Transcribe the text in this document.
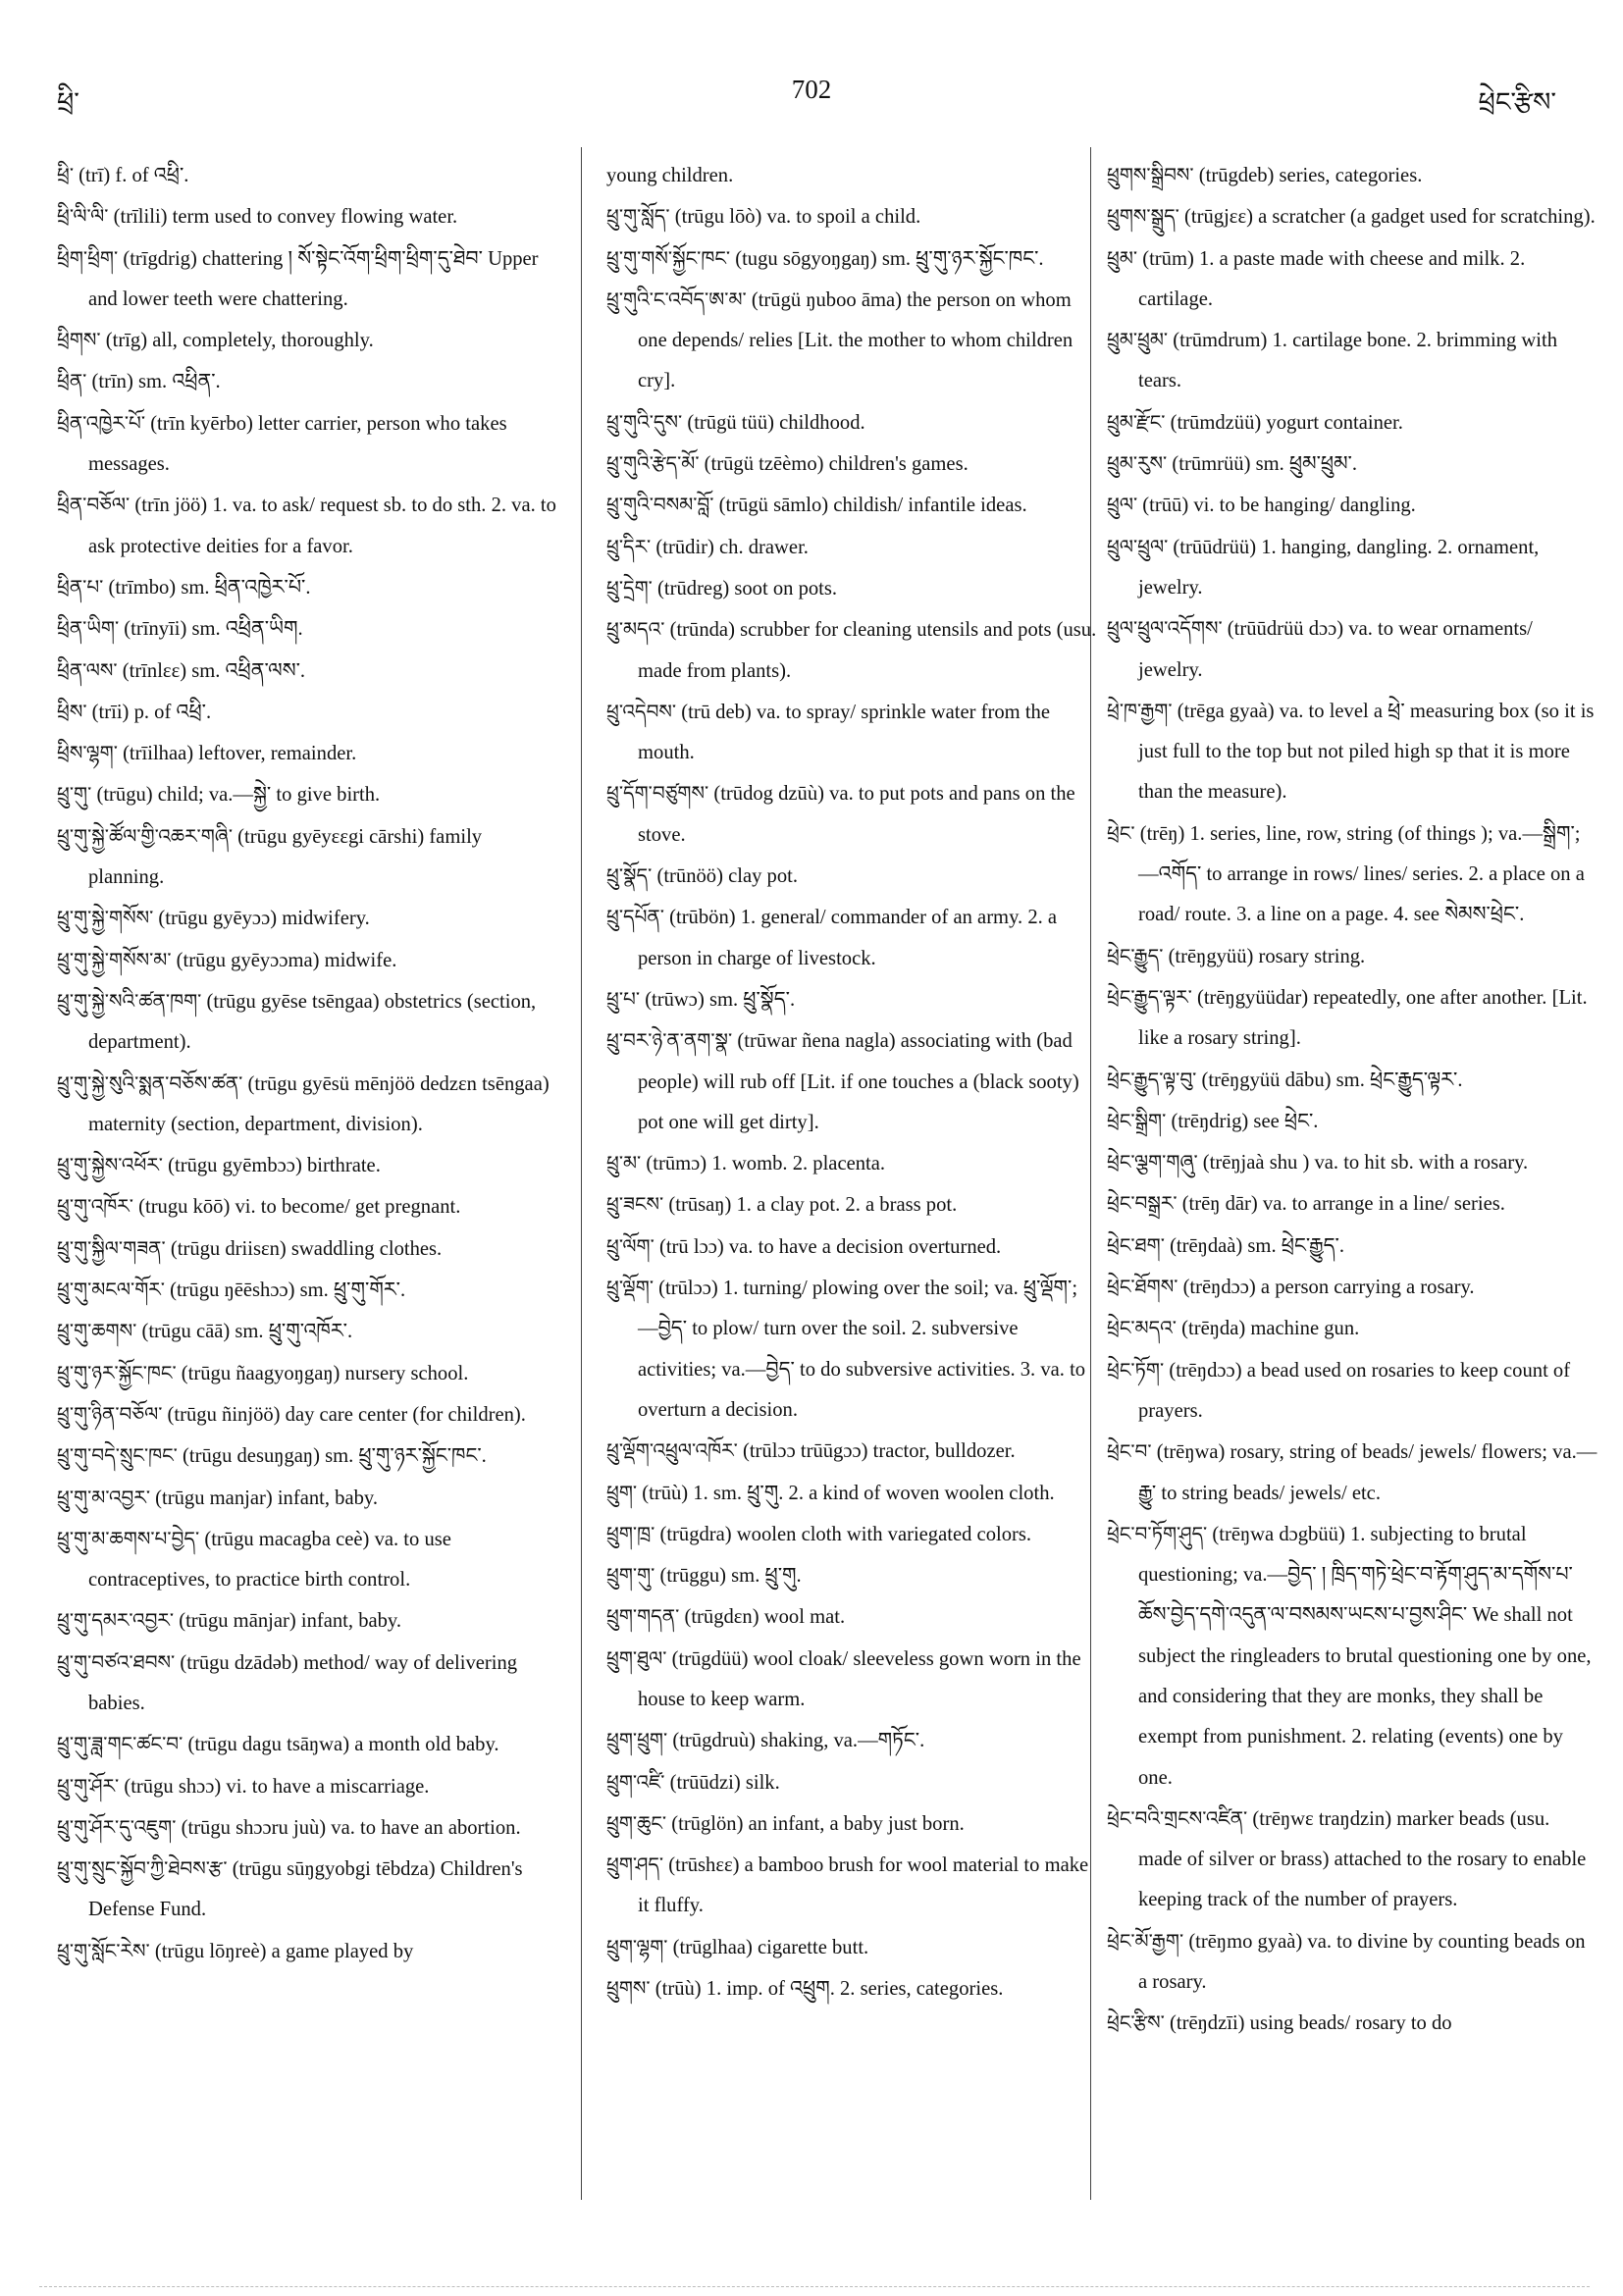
ཕྲི་	702	ཕྲེང་རྩིས་

ཕྲི་ (trī) f. of འཕྲི་.

ཕྲི་ལི་ལི་ (trīlili) term used to convey flowing water.

ཕྲིག་ཕྲིག་ (trīgdrig) chattering ། སོ་སྟེང་འོག་ཕྲིག་ཕྲིག་དུ་ཐེབ་ Upper and lower teeth were chattering.

ཕྲིགས་ (trīg) all, completely, thoroughly.

ཕྲིན་ (trīn) sm. འཕྲིན་.

ཕྲིན་འཁྱེར་པོ་ (trīn kyērbo) letter carrier, person who takes messages.

ཕྲིན་བཅོལ་ (trīn jöö) 1. va. to ask/ request sb. to do sth. 2. va. to ask protective deities for a favor.

ཕྲིན་པ་ (trīmbo) sm. ཕྲིན་འཁྱེར་པོ་.

ཕྲིན་ཡིག་ (trīnyīi) sm. འཕྲིན་ཡིག.

ཕྲིན་ལས་ (trīnlɛɛ) sm. འཕྲིན་ལས་.

ཕྲིས་ (trīi) p. of འཕྲི་.

ཕྲིས་ལྷག་ (trīilhaa) leftover, remainder.

ཕྲུ་གུ་ (trūgu) child; va.—སྐྱེ་ to give birth.

ཕྲུ་གུ་སྐྱེ་ཚོལ་གྱི་འཆར་གཞི་ (trūgu gyēyɛɛgi cārshi) family planning.

ཕྲུ་གུ་སྐྱེ་གསོས་ (trūgu gyēyɔɔ) midwifery.

ཕྲུ་གུ་སྐྱེ་གསོས་མ་ (trūgu gyēyɔɔma) midwife.

ཕྲུ་གུ་སྐྱེ་སའི་ཚན་ཁག་ (trūgu gyēse tsēngaa) obstetrics (section, department).

ཕྲུ་གུ་སྐྱེ་སུའི་སྨན་བཅོས་ཚན་ (trūgu gyēsü mēnjöö dedzɛn tsēngaa) maternity (section, department, division).

ཕྲུ་གུ་སྐྱེས་འཕོར་ (trūgu gyēmbɔɔ) birthrate.

ཕྲུ་གུ་འཁོར་ (trugu kōō) vi. to become/ get pregnant.

ཕྲུ་གུ་སྐྱིལ་གཟན་ (trūgu driisɛn) swaddling clothes.

ཕྲུ་གུ་མངལ་གོར་ (trūgu ŋēēshɔɔ) sm. ཕྲུ་གུ་གོར་.

ཕྲུ་གུ་ཆགས་ (trūgu cāā) sm. ཕྲུ་གུ་འཁོར་.

ཕྲུ་གུ་ཉར་སྐྱོང་ཁང་ (trūgu ñaagyoŋgaŋ) nursery school.

ཕྲུ་གུ་ཉིན་བཅོལ་ (trūgu ñinjöö) day care center (for children).

ཕྲུ་གུ་བདེ་སྲུང་ཁང་ (trūgu desuŋgaŋ) sm. ཕྲུ་གུ་ཉར་སྐྱོང་ཁང་.

ཕྲུ་གུ་མ་འབྱར་ (trūgu manjar) infant, baby.

ཕྲུ་གུ་མ་ཆགས་པ་བྱེད་ (trūgu macagba ceè) va. to use contraceptives, to practice birth control.

ཕྲུ་གུ་དམར་འབྱར་ (trūgu mānjar) infant, baby.

ཕྲུ་གུ་བཙའ་ཐབས་ (trūgu dzādəb) method/ way of delivering babies.

ཕྲུ་གུ་ཟླ་གང་ཚང་བ་ (trūgu dagu tsāŋwa) a month old baby.

ཕྲུ་གུ་ཤོར་ (trūgu shɔɔ) vi. to have a miscarriage.

ཕྲུ་གུ་ཤོར་དུ་འཇུག་ (trūgu shɔɔru juù) va. to have an abortion.

ཕྲུ་གུ་སྲུང་སྐྱོབ་ཀྱི་ཐེབས་རྩ་ (trūgu sūŋgyobgi tēbdza) Children's Defense Fund.

ཕྲུ་གུ་སློང་རེས་ (trūgu lōŋreè) a game played by

young children.

ཕྲུ་གུ་སློད་ (trūgu lōò) va. to spoil a child.

ཕྲུ་གུ་གསོ་སྐྱོང་ཁང་ (tugu sōgyoŋgaŋ) sm. ཕྲུ་གུ་ཉར་སྐྱོང་ཁང་.

ཕྲུ་གུའི་ང་འབོད་ཨ་མ་ (trūgü ŋuboo āma) the person on whom one depends/ relies [Lit. the mother to whom children cry].

ཕྲུ་གུའི་དུས་ (trūgü tüü) childhood.

ཕྲུ་གུའི་རྩེད་མོ་ (trūgü tzēèmo) children's games.

ཕྲུ་གུའི་བསམ་བློ་ (trūgü sāmlo) childish/ infantile ideas.

ཕྲུ་དིར་ (trūdir) ch. drawer.

ཕྲུ་དྲེག་ (trūdreg) soot on pots.

ཕྲུ་མདའ་ (trūnda) scrubber for cleaning utensils and pots (usu. made from plants).

ཕྲུ་འདེབས་ (trū deb) va. to spray/ sprinkle water from the mouth.

ཕྲུ་དོག་བཙུགས་ (trūdog dzūù) va. to put pots and pans on the stove.

ཕྲུ་སྣོད་ (trūnöö) clay pot.

ཕྲུ་དཔོན་ (trūbön) 1. general/ commander of an army. 2. a person in charge of livestock.

ཕྲུ་པ་ (trūwɔ) sm. ཕྲུ་སྣོད་.

ཕྲུ་བར་ཉེ་ན་ནག་སྣ་ (trūwar ñena nagla) associating with (bad people) will rub off [Lit. if one touches a (black sooty) pot one will get dirty].

ཕྲུ་མ་ (trūmɔ) 1. womb. 2. placenta.

ཕྲུ་ཟངས་ (trūsaŋ) 1. a clay pot. 2. a brass pot.

ཕྲུ་ལོག་ (trū lɔɔ) va. to have a decision overturned.

ཕྲུ་ལྡོག་ (trūlɔɔ) 1. turning/ plowing over the soil; va. ཕྲུ་ལྡོག་;—བྱེད་ to plow/ turn over the soil. 2. subversive activities; va.—བྱེད་ to do subversive activities. 3. va. to overturn a decision.

ཕྲུ་ལྡོག་འཕྲུལ་འཁོར་ (trūlɔɔ trūūgɔɔ) tractor, bulldozer.

ཕྲུག་ (trūù) 1. sm. ཕྲུ་གུ. 2. a kind of woven woolen cloth.

ཕྲུག་ཁྲ་ (trūgdra) woolen cloth with variegated colors.

ཕྲུག་གུ་ (trūggu) sm. ཕྲུ་གུ.

ཕྲུག་གདན་ (trūgdɛn) wool mat.

ཕྲུག་ཐུལ་ (trūgdüü) wool cloak/ sleeveless gown worn in the house to keep warm.

ཕྲུག་ཕྲུག་ (trūgdruù) shaking, va.—གཏོང་.

ཕྲུག་འཛི་ (trūūdzi) silk.

ཕྲུག་ཆུང་ (trūglön) an infant, a baby just born.

ཕྲུག་ཤད་ (trūshɛɛ) a bamboo brush for wool material to make it fluffy.

ཕྲུག་ལྷག་ (trūglhaa) cigarette butt.

ཕྲུགས་ (trūù) 1. imp. of འཕྲུག. 2. series, categories.

ཕྲུགས་སྒྲིབས་ (trūgdeb) series, categories.

ཕྲུགས་སྒྲུད་ (trūgjɛɛ) a scratcher (a gadget used for scratching).

ཕྲུམ་ (trūm) 1. a paste made with cheese and milk. 2. cartilage.

ཕྲུམ་ཕྲུམ་ (trūmdrum) 1. cartilage bone. 2. brimming with tears.

ཕྲུམ་རྫོང་ (trūmdzüü) yogurt container.

ཕྲུམ་རུས་ (trūmrüü) sm. ཕྲུམ་ཕྲུམ་.

ཕྲུལ་ (trūū) vi. to be hanging/ dangling.

ཕྲུལ་ཕྲུལ་ (trūūdrüü) 1. hanging, dangling. 2. ornament, jewelry.

ཕྲུལ་ཕྲུལ་འདོགས་ (trūūdrüü dɔɔ) va. to wear ornaments/ jewelry.

ཕྲེ་ཁ་རྒྱག་ (trēga gyaà) va. to level a ཕྲེ་ measuring box (so it is just full to the top but not piled high sp that it is more than the measure).

ཕྲེང་ (trēŋ) 1. series, line, row, string (of things ); va.—སྒྲིག་; —འགོད་ to arrange in rows/ lines/ series. 2. a place on a road/ route. 3. a line on a page. 4. see སེམས་ཕྲེང་.

ཕྲེང་རྒྱུད་ (trēŋgyüü) rosary string.

ཕྲེང་རྒྱུད་ལྟར་ (trēŋgyüüdar) repeatedly, one after another. [Lit. like a rosary string].

ཕྲེང་རྒྱུད་ལྟ་བུ་ (trēŋgyüü dābu) sm. ཕྲེང་རྒྱུད་ལྟར་.

ཕྲེང་སྒྲིག་ (trēŋdrig) see ཕྲེང་.

ཕྲེང་ལྕག་གཞུ་ (trēŋjaà shu ) va. to hit sb. with a rosary.

ཕྲེང་བསྒྲར་ (trēŋ dār) va. to arrange in a line/ series.

ཕྲེང་ཐག་ (trēŋdaà) sm. ཕྲེང་རྒྱུད་.

ཕྲེང་ཐོགས་ (trēŋdɔɔ) a person carrying a rosary.

ཕྲེང་མདའ་ (trēŋda) machine gun.

ཕྲེང་ཏོག་ (trēŋdɔɔ) a bead used on rosaries to keep count of prayers.

ཕྲེང་བ་ (trēŋwa) rosary, string of beads/ jewels/ flowers; va.—རྒྱུ་ to string beads/ jewels/ etc.

ཕྲེང་བ་ཏོག་ཤུད་ (trēŋwa dɔgbüü) 1. subjecting to brutal questioning; va.—བྱེད་ ། ཁྲིད་གཏེ་ཕྲེང་བ་རྟོག་ཤུད་མ་དགོས་པ་ཆོས་བྱེད་དགེ་འདུན་ལ་བསམས་ཡངས་པ་བྱས་ཤིང་ We shall not subject the ringleaders to brutal questioning one by one, and considering that they are monks, they shall be exempt from punishment. 2. relating (events) one by one.

ཕྲེང་བའི་གྲངས་འཛིན་ (trēŋwɛ traŋdzin) marker beads (usu. made of silver or brass) attached to the rosary to enable keeping track of the number of prayers.

ཕྲེང་མོ་རྒྱག་ (trēŋmo gyaà) va. to divine by counting beads on a rosary.

ཕྲེང་རྩིས་ (trēŋdzīi) using beads/ rosary to do
